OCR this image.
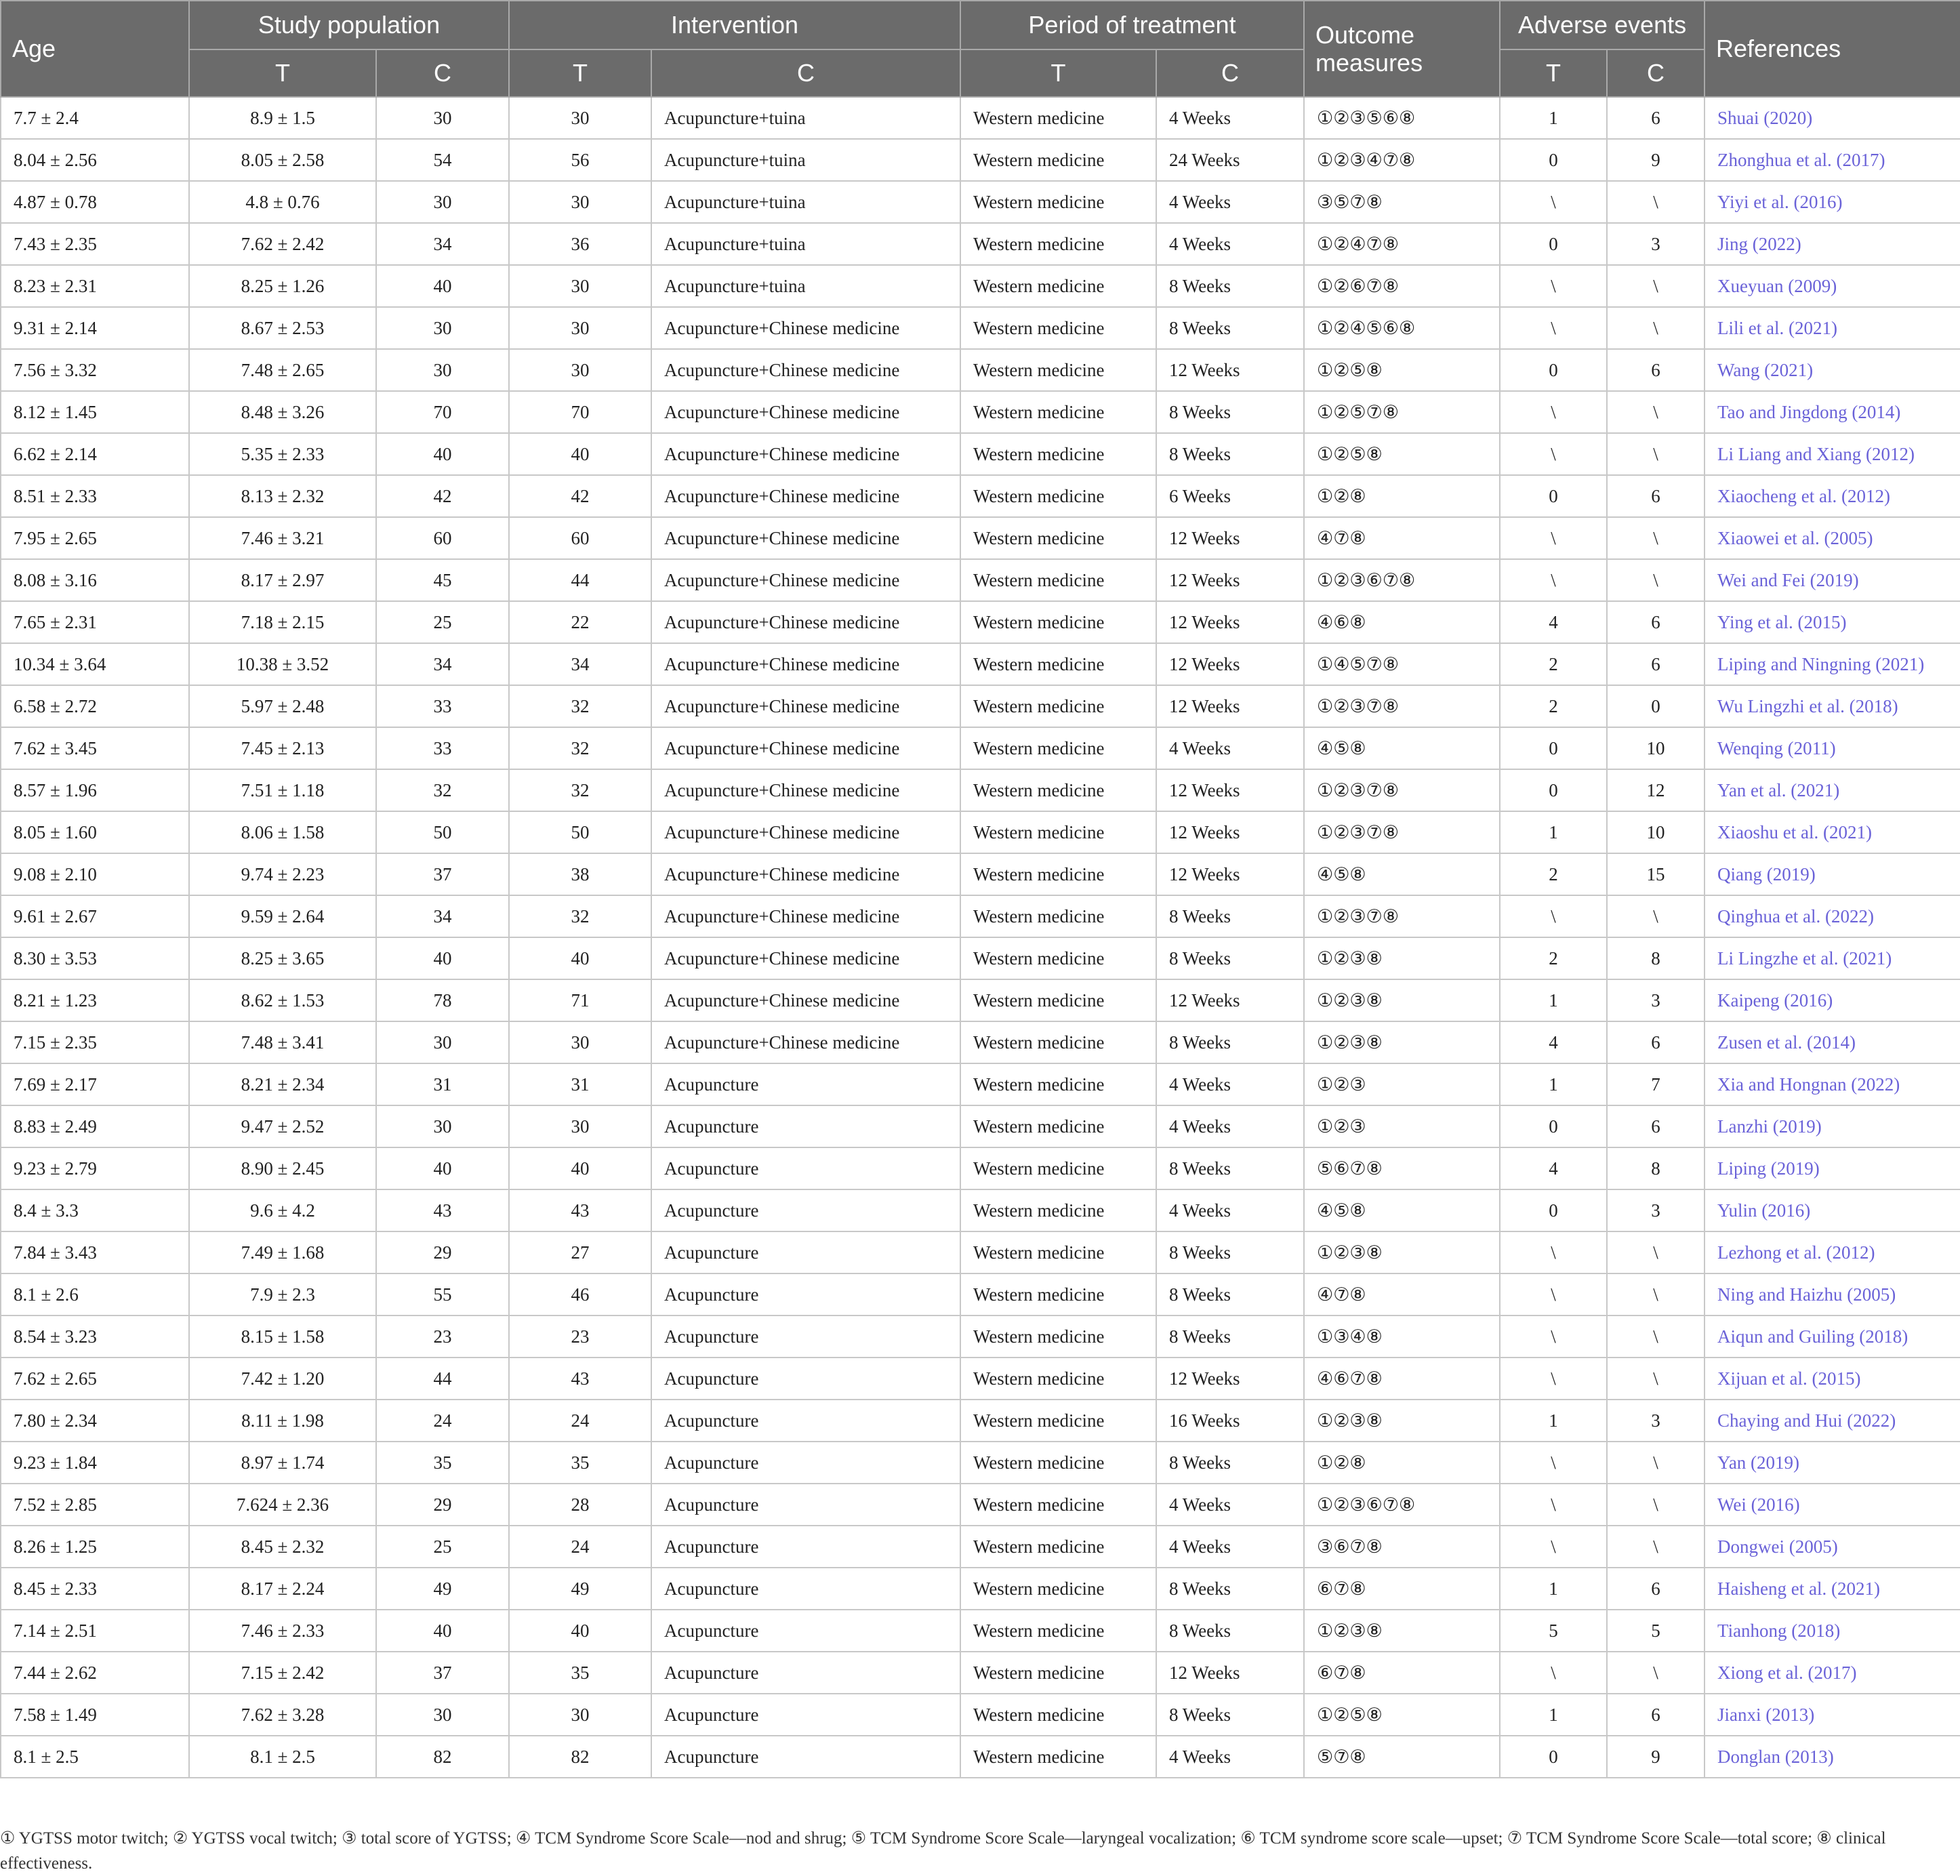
Age	Study population		Intervention		Period of treatment		Outcome measures	Adverse events		References
	T	C	T	C	T	C		T	C	
7.7 ± 2.4	8.9 ± 1.5	30	30	Acupuncture+tuina	Western medicine	4 Weeks	①②③⑤⑥⑧	1	6	Shuai (2020)
8.04 ± 2.56	8.05 ± 2.58	54	56	Acupuncture+tuina	Western medicine	24 Weeks	①②③④⑦⑧	0	9	Zhonghua et al. (2017)
4.87 ± 0.78	4.8 ± 0.76	30	30	Acupuncture+tuina	Western medicine	4 Weeks	③⑤⑦⑧	\	\	Yiyi et al. (2016)
7.43 ± 2.35	7.62 ± 2.42	34	36	Acupuncture+tuina	Western medicine	4 Weeks	①②④⑦⑧	0	3	Jing (2022)
8.23 ± 2.31	8.25 ± 1.26	40	30	Acupuncture+tuina	Western medicine	8 Weeks	①②⑥⑦⑧	\	\	Xueyuan (2009)
9.31 ± 2.14	8.67 ± 2.53	30	30	Acupuncture+Chinese medicine	Western medicine	8 Weeks	①②④⑤⑥⑧	\	\	Lili et al. (2021)
7.56 ± 3.32	7.48 ± 2.65	30	30	Acupuncture+Chinese medicine	Western medicine	12 Weeks	①②⑤⑧	0	6	Wang (2021)
8.12 ± 1.45	8.48 ± 3.26	70	70	Acupuncture+Chinese medicine	Western medicine	8 Weeks	①②⑤⑦⑧	\	\	Tao and Jingdong (2014)
6.62 ± 2.14	5.35 ± 2.33	40	40	Acupuncture+Chinese medicine	Western medicine	8 Weeks	①②⑤⑧	\	\	Li Liang and Xiang (2012)
8.51 ± 2.33	8.13 ± 2.32	42	42	Acupuncture+Chinese medicine	Western medicine	6 Weeks	①②⑧	0	6	Xiaocheng et al. (2012)
7.95 ± 2.65	7.46 ± 3.21	60	60	Acupuncture+Chinese medicine	Western medicine	12 Weeks	④⑦⑧	\	\	Xiaowei et al. (2005)
8.08 ± 3.16	8.17 ± 2.97	45	44	Acupuncture+Chinese medicine	Western medicine	12 Weeks	①②③⑥⑦⑧	\	\	Wei and Fei (2019)
7.65 ± 2.31	7.18 ± 2.15	25	22	Acupuncture+Chinese medicine	Western medicine	12 Weeks	④⑥⑧	4	6	Ying et al. (2015)
10.34 ± 3.64	10.38 ± 3.52	34	34	Acupuncture+Chinese medicine	Western medicine	12 Weeks	①④⑤⑦⑧	2	6	Liping and Ningning (2021)
6.58 ± 2.72	5.97 ± 2.48	33	32	Acupuncture+Chinese medicine	Western medicine	12 Weeks	①②③⑦⑧	2	0	Wu Lingzhi et al. (2018)
7.62 ± 3.45	7.45 ± 2.13	33	32	Acupuncture+Chinese medicine	Western medicine	4 Weeks	④⑤⑧	0	10	Wenqing (2011)
8.57 ± 1.96	7.51 ± 1.18	32	32	Acupuncture+Chinese medicine	Western medicine	12 Weeks	①②③⑦⑧	0	12	Yan et al. (2021)
8.05 ± 1.60	8.06 ± 1.58	50	50	Acupuncture+Chinese medicine	Western medicine	12 Weeks	①②③⑦⑧	1	10	Xiaoshu et al. (2021)
9.08 ± 2.10	9.74 ± 2.23	37	38	Acupuncture+Chinese medicine	Western medicine	12 Weeks	④⑤⑧	2	15	Qiang (2019)
9.61 ± 2.67	9.59 ± 2.64	34	32	Acupuncture+Chinese medicine	Western medicine	8 Weeks	①②③⑦⑧	\	\	Qinghua et al. (2022)
8.30 ± 3.53	8.25 ± 3.65	40	40	Acupuncture+Chinese medicine	Western medicine	8 Weeks	①②③⑧	2	8	Li Lingzhe et al. (2021)
8.21 ± 1.23	8.62 ± 1.53	78	71	Acupuncture+Chinese medicine	Western medicine	12 Weeks	①②③⑧	1	3	Kaipeng (2016)
7.15 ± 2.35	7.48 ± 3.41	30	30	Acupuncture+Chinese medicine	Western medicine	8 Weeks	①②③⑧	4	6	Zusen et al. (2014)
7.69 ± 2.17	8.21 ± 2.34	31	31	Acupuncture	Western medicine	4 Weeks	①②③	1	7	Xia and Hongnan (2022)
8.83 ± 2.49	9.47 ± 2.52	30	30	Acupuncture	Western medicine	4 Weeks	①②③	0	6	Lanzhi (2019)
9.23 ± 2.79	8.90 ± 2.45	40	40	Acupuncture	Western medicine	8 Weeks	⑤⑥⑦⑧	4	8	Liping (2019)
8.4 ± 3.3	9.6 ± 4.2	43	43	Acupuncture	Western medicine	4 Weeks	④⑤⑧	0	3	Yulin (2016)
7.84 ± 3.43	7.49 ± 1.68	29	27	Acupuncture	Western medicine	8 Weeks	①②③⑧	\	\	Lezhong et al. (2012)
8.1 ± 2.6	7.9 ± 2.3	55	46	Acupuncture	Western medicine	8 Weeks	④⑦⑧	\	\	Ning and Haizhu (2005)
8.54 ± 3.23	8.15 ± 1.58	23	23	Acupuncture	Western medicine	8 Weeks	①③④⑧	\	\	Aiqun and Guiling (2018)
7.62 ± 2.65	7.42 ± 1.20	44	43	Acupuncture	Western medicine	12 Weeks	④⑥⑦⑧	\	\	Xijuan et al. (2015)
7.80 ± 2.34	8.11 ± 1.98	24	24	Acupuncture	Western medicine	16 Weeks	①②③⑧	1	3	Chaying and Hui (2022)
9.23 ± 1.84	8.97 ± 1.74	35	35	Acupuncture	Western medicine	8 Weeks	①②⑧	\	\	Yan (2019)
7.52 ± 2.85	7.624 ± 2.36	29	28	Acupuncture	Western medicine	4 Weeks	①②③⑥⑦⑧	\	\	Wei (2016)
8.26 ± 1.25	8.45 ± 2.32	25	24	Acupuncture	Western medicine	4 Weeks	③⑥⑦⑧	\	\	Dongwei (2005)
8.45 ± 2.33	8.17 ± 2.24	49	49	Acupuncture	Western medicine	8 Weeks	⑥⑦⑧	1	6	Haisheng et al. (2021)
7.14 ± 2.51	7.46 ± 2.33	40	40	Acupuncture	Western medicine	8 Weeks	①②③⑧	5	5	Tianhong (2018)
7.44 ± 2.62	7.15 ± 2.42	37	35	Acupuncture	Western medicine	12 Weeks	⑥⑦⑧	\	\	Xiong et al. (2017)
7.58 ± 1.49	7.62 ± 3.28	30	30	Acupuncture	Western medicine	8 Weeks	①②⑤⑧	1	6	Jianxi (2013)
8.1 ± 2.5	8.1 ± 2.5	82	82	Acupuncture	Western medicine	4 Weeks	⑤⑦⑧	0	9	Donglan (2013)
① YGTSS motor twitch; ② YGTSS vocal twitch; ③ total score of YGTSS; ④ TCM Syndrome Score Scale—nod and shrug; ⑤ TCM Syndrome Score Scale—laryngeal vocalization; ⑥ TCM syndrome score scale—upset; ⑦ TCM Syndrome Score Scale—total score; ⑧ clinical effectiveness.
